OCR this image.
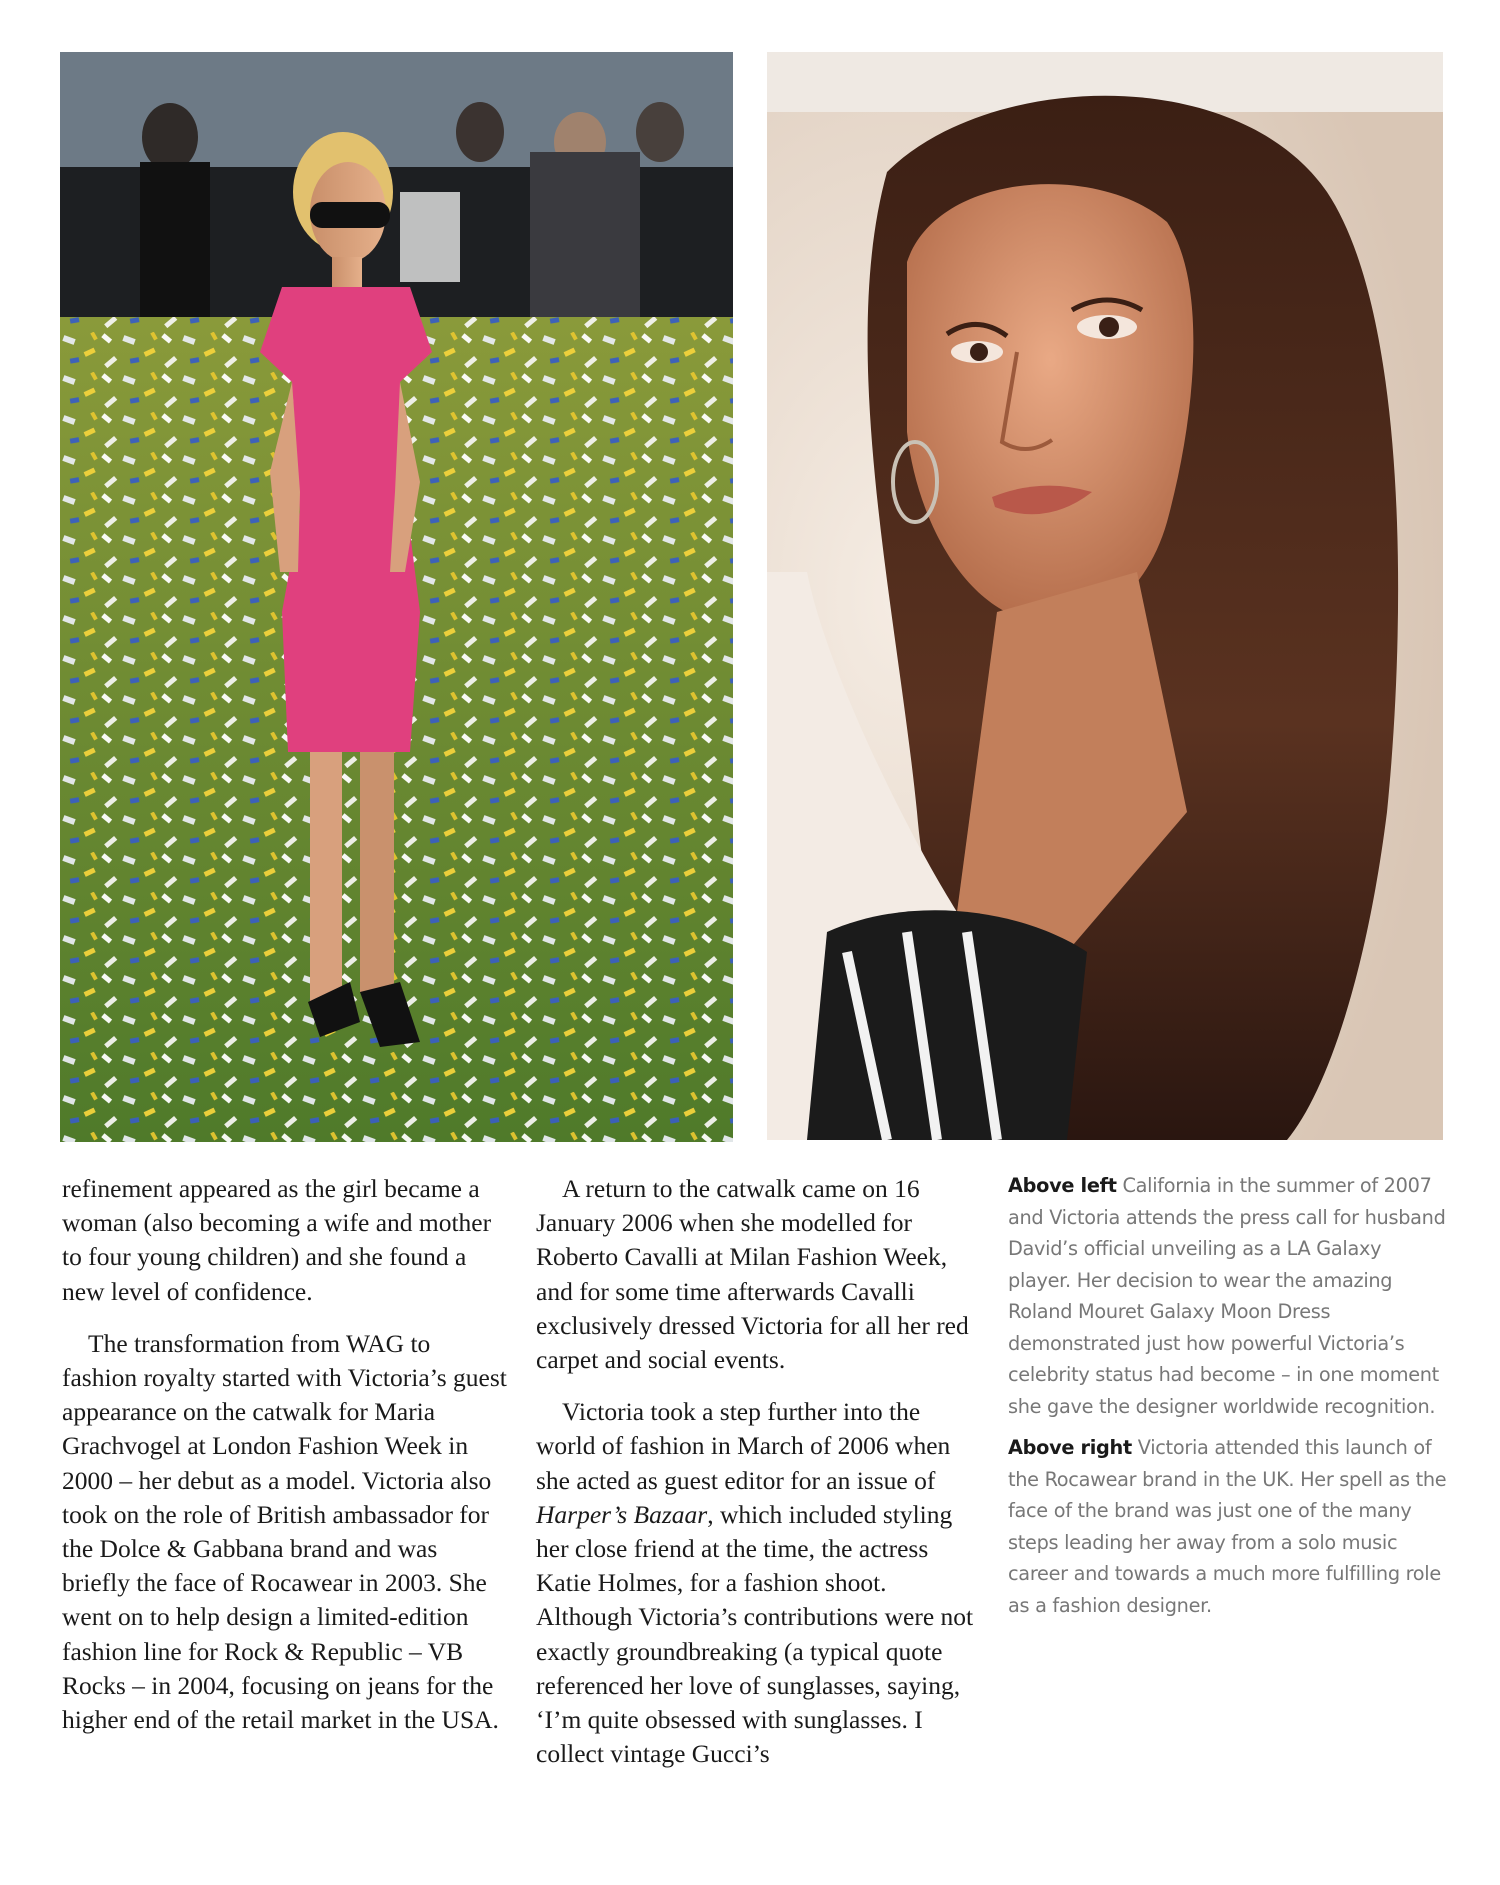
refinement appeared as the girl became a woman (also becoming a wife and mother to four young children) and she found a new level of confidence.

The transformation from WAG to fashion royalty started with Victoria’s guest appearance on the catwalk for Maria Grachvogel at London Fashion Week in 2000 – her debut as a model. Victoria also took on the role of British ambassador for the Dolce & Gabbana brand and was briefly the face of Rocawear in 2003. She went on to help design a limited-edition fashion line for Rock & Republic – VB Rocks – in 2004, focusing on jeans for the higher end of the retail market in the USA.

A return to the catwalk came on 16 January 2006 when she modelled for Roberto Cavalli at Milan Fashion Week, and for some time afterwards Cavalli exclusively dressed Victoria for all her red carpet and social events.

Victoria took a step further into the world of fashion in March of 2006 when she acted as guest editor for an issue of Harper’s Bazaar, which included styling her close friend at the time, the actress Katie Holmes, for a fashion shoot. Although Victoria’s contributions were not exactly groundbreaking (a typical quote referenced her love of sunglasses, saying, ‘I’m quite obsessed with sunglasses. I collect vintage Gucci’s

Above left California in the summer of 2007 and Victoria attends the press call for husband David’s official unveiling as a LA Galaxy player. Her decision to wear the amazing Roland Mouret Galaxy Moon Dress demonstrated just how powerful Victoria’s celebrity status had become – in one moment she gave the designer worldwide recognition.

Above right Victoria attended this launch of the Rocawear brand in the UK. Her spell as the face of the brand was just one of the many steps leading her away from a solo music career and towards a much more fulfilling role as a fashion designer.
